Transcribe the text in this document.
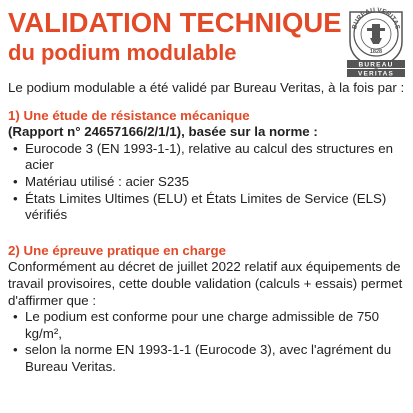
VALIDATION TECHNIQUE
du podium modulable
BUREAU VERITAS
1828
BUREAU
VERITAS

Le podium modulable a été validé par Bureau Veritas, à la fois par :

1) Une étude de résistance mécanique

(Rapport n° 24657166/2/1/1), basée sur la norme :

• Eurocode 3 (EN 1993-1-1), relative au calcul des structures en acier
• Matériau utilisé : acier S235
• États Limites Ultimes (ELU) et États Limites de Service (ELS) vérifiés

2) Une épreuve pratique en charge

Conformément au décret de juillet 2022 relatif aux équipements de travail provisoires, cette double validation (calculs + essais) permet d'affirmer que :

• Le podium est conforme pour une charge admissible de 750 kg/m²,
• selon la norme EN 1993-1-1 (Eurocode 3), avec l'agrément du Bureau Veritas.
